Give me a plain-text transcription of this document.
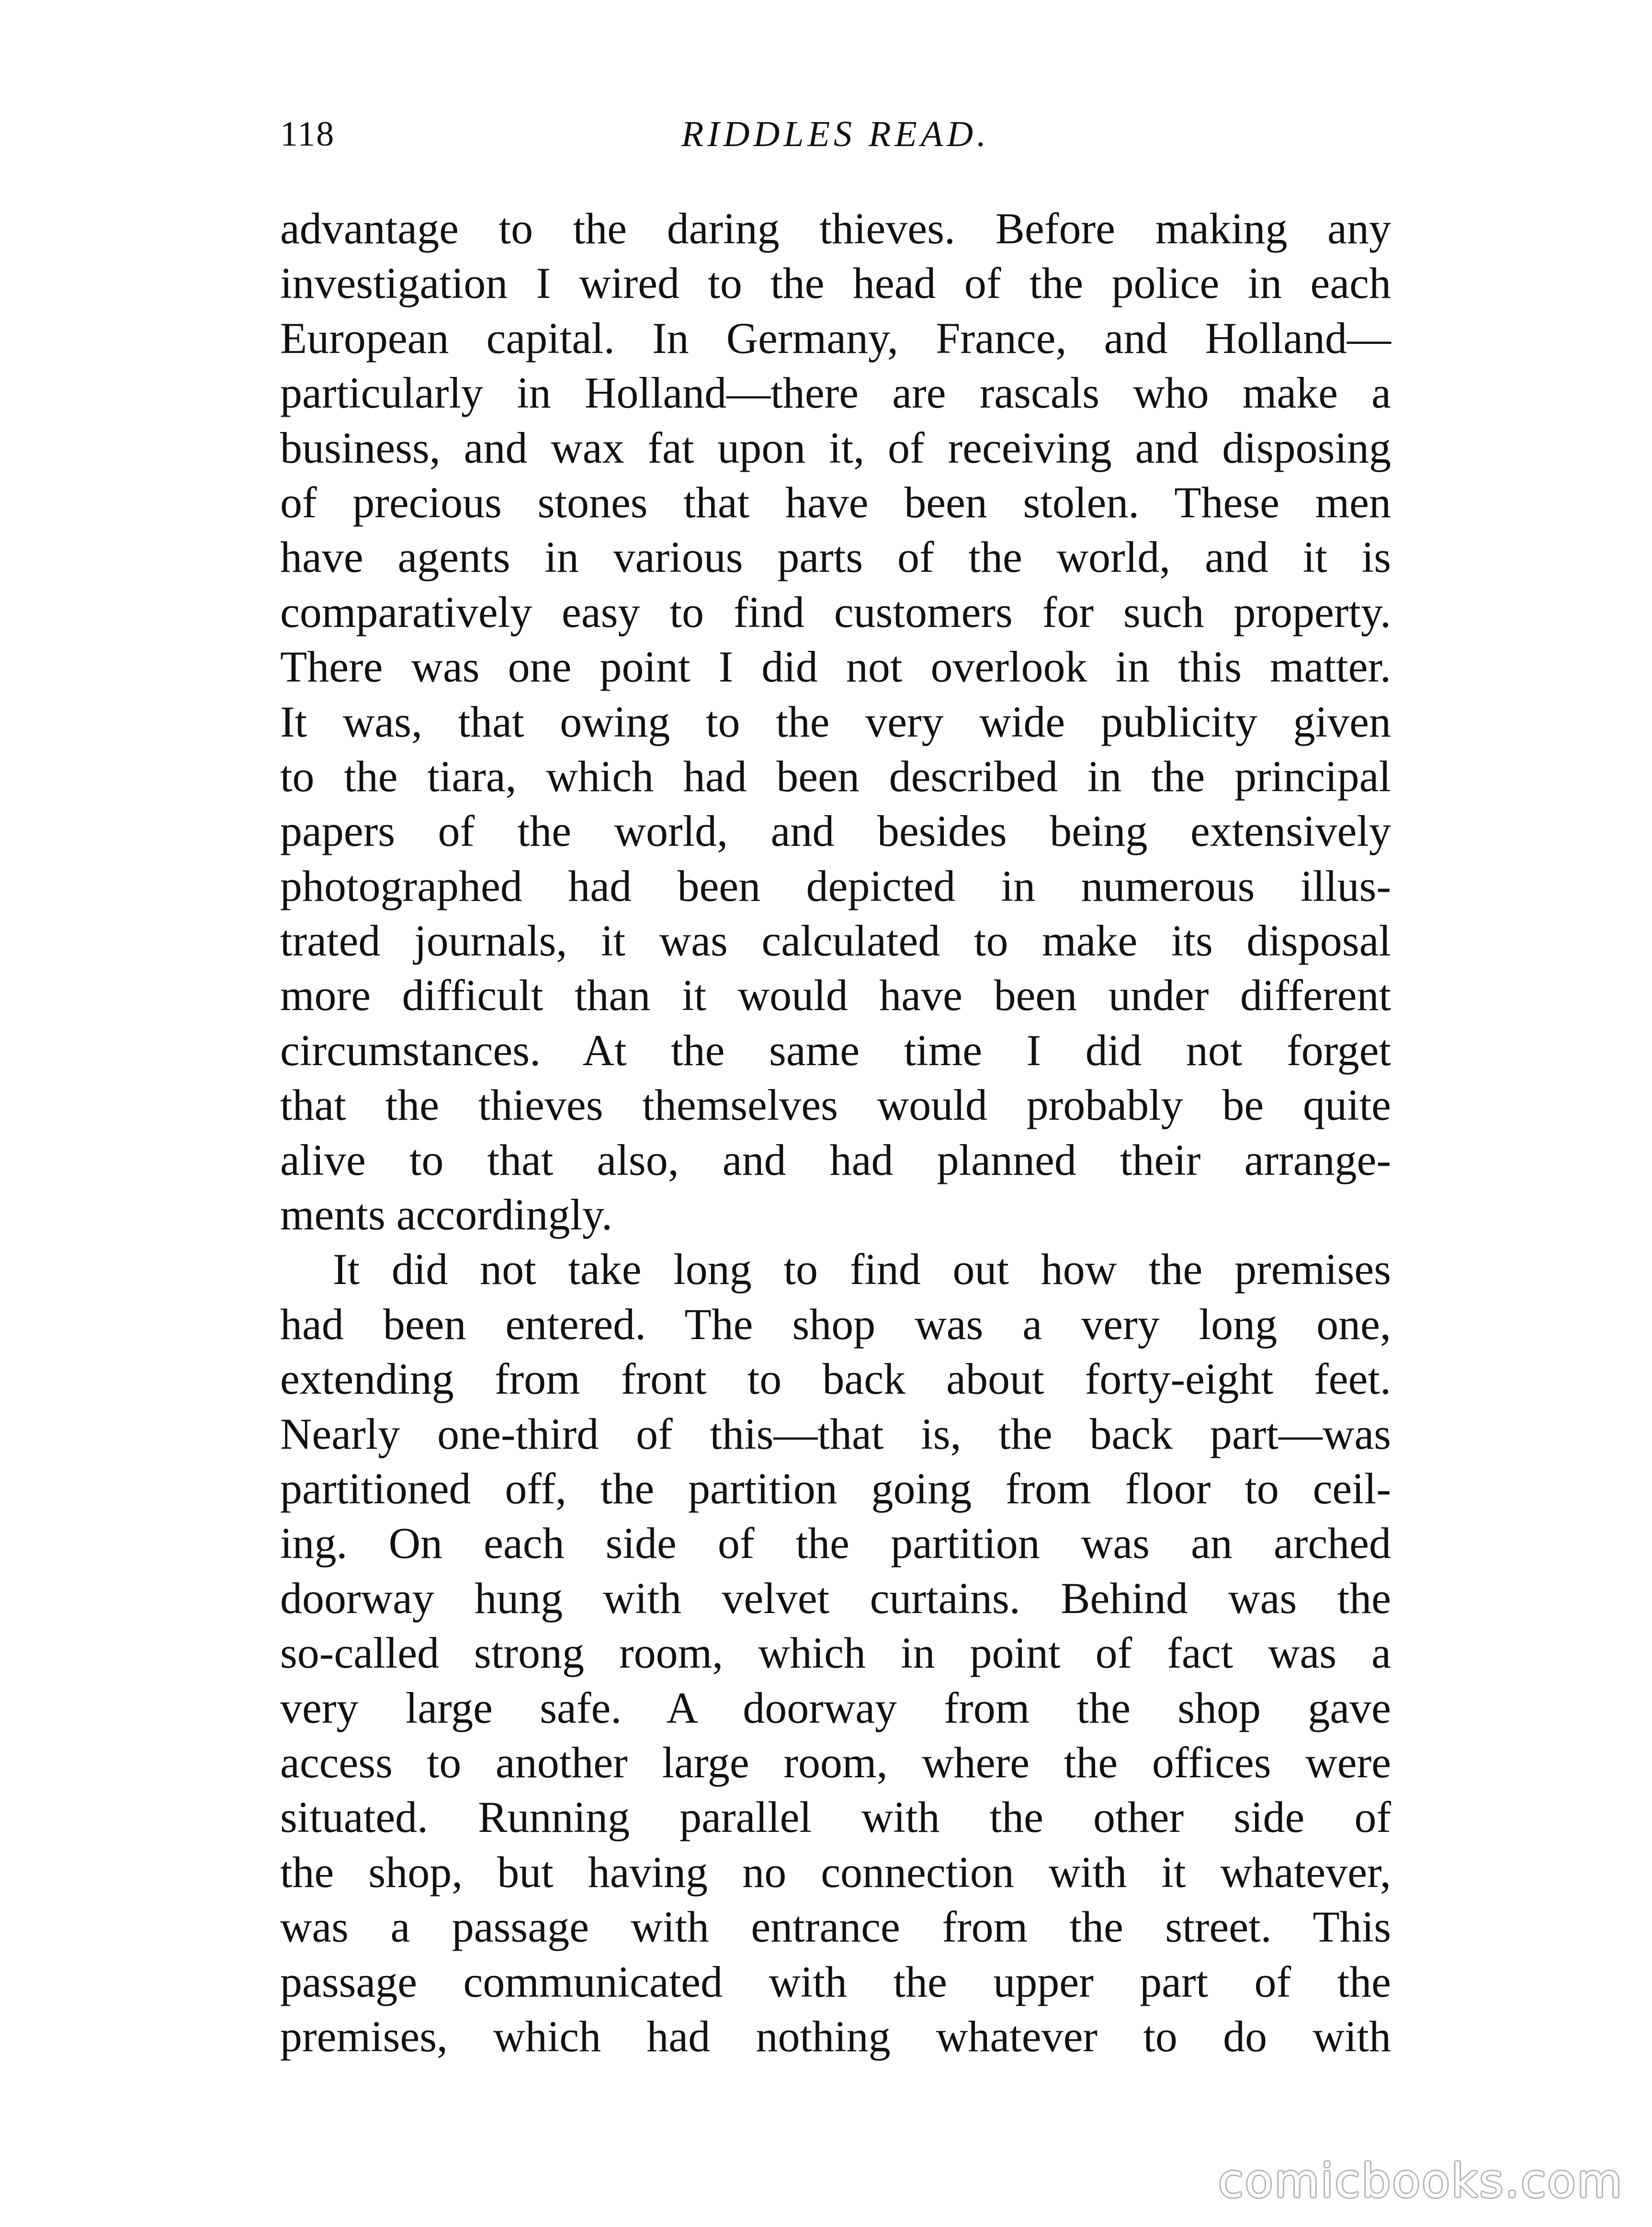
118	RIDDLES READ.
advantage to the daring thieves. Before making any
investigation I wired to the head of the police in each
European capital. In Germany, France, and Holland—
particularly in Holland—there are rascals who make a
business, and wax fat upon it, of receiving and disposing
of precious stones that have been stolen. These men
have agents in various parts of the world, and it is
comparatively easy to find customers for such property.
There was one point I did not overlook in this matter.
It was, that owing to the very wide publicity given
to the tiara, which had been described in the principal
papers of the world, and besides being extensively
photographed had been depicted in numerous illus-
trated journals, it was calculated to make its disposal
more difficult than it would have been under different
circumstances. At the same time I did not forget
that the thieves themselves would probably be quite
alive to that also, and had planned their arrange-
ments accordingly.
It did not take long to find out how the premises
had been entered. The shop was a very long one,
extending from front to back about forty-eight feet.
Nearly one-third of this—that is, the back part—was
partitioned off, the partition going from floor to ceil-
ing. On each side of the partition was an arched
doorway hung with velvet curtains. Behind was the
so-called strong room, which in point of fact was a
very large safe. A doorway from the shop gave
access to another large room, where the offices were
situated. Running parallel with the other side of
the shop, but having no connection with it whatever,
was a passage with entrance from the street. This
passage communicated with the upper part of the
premises, which had nothing whatever to do with
comicbooks.com
